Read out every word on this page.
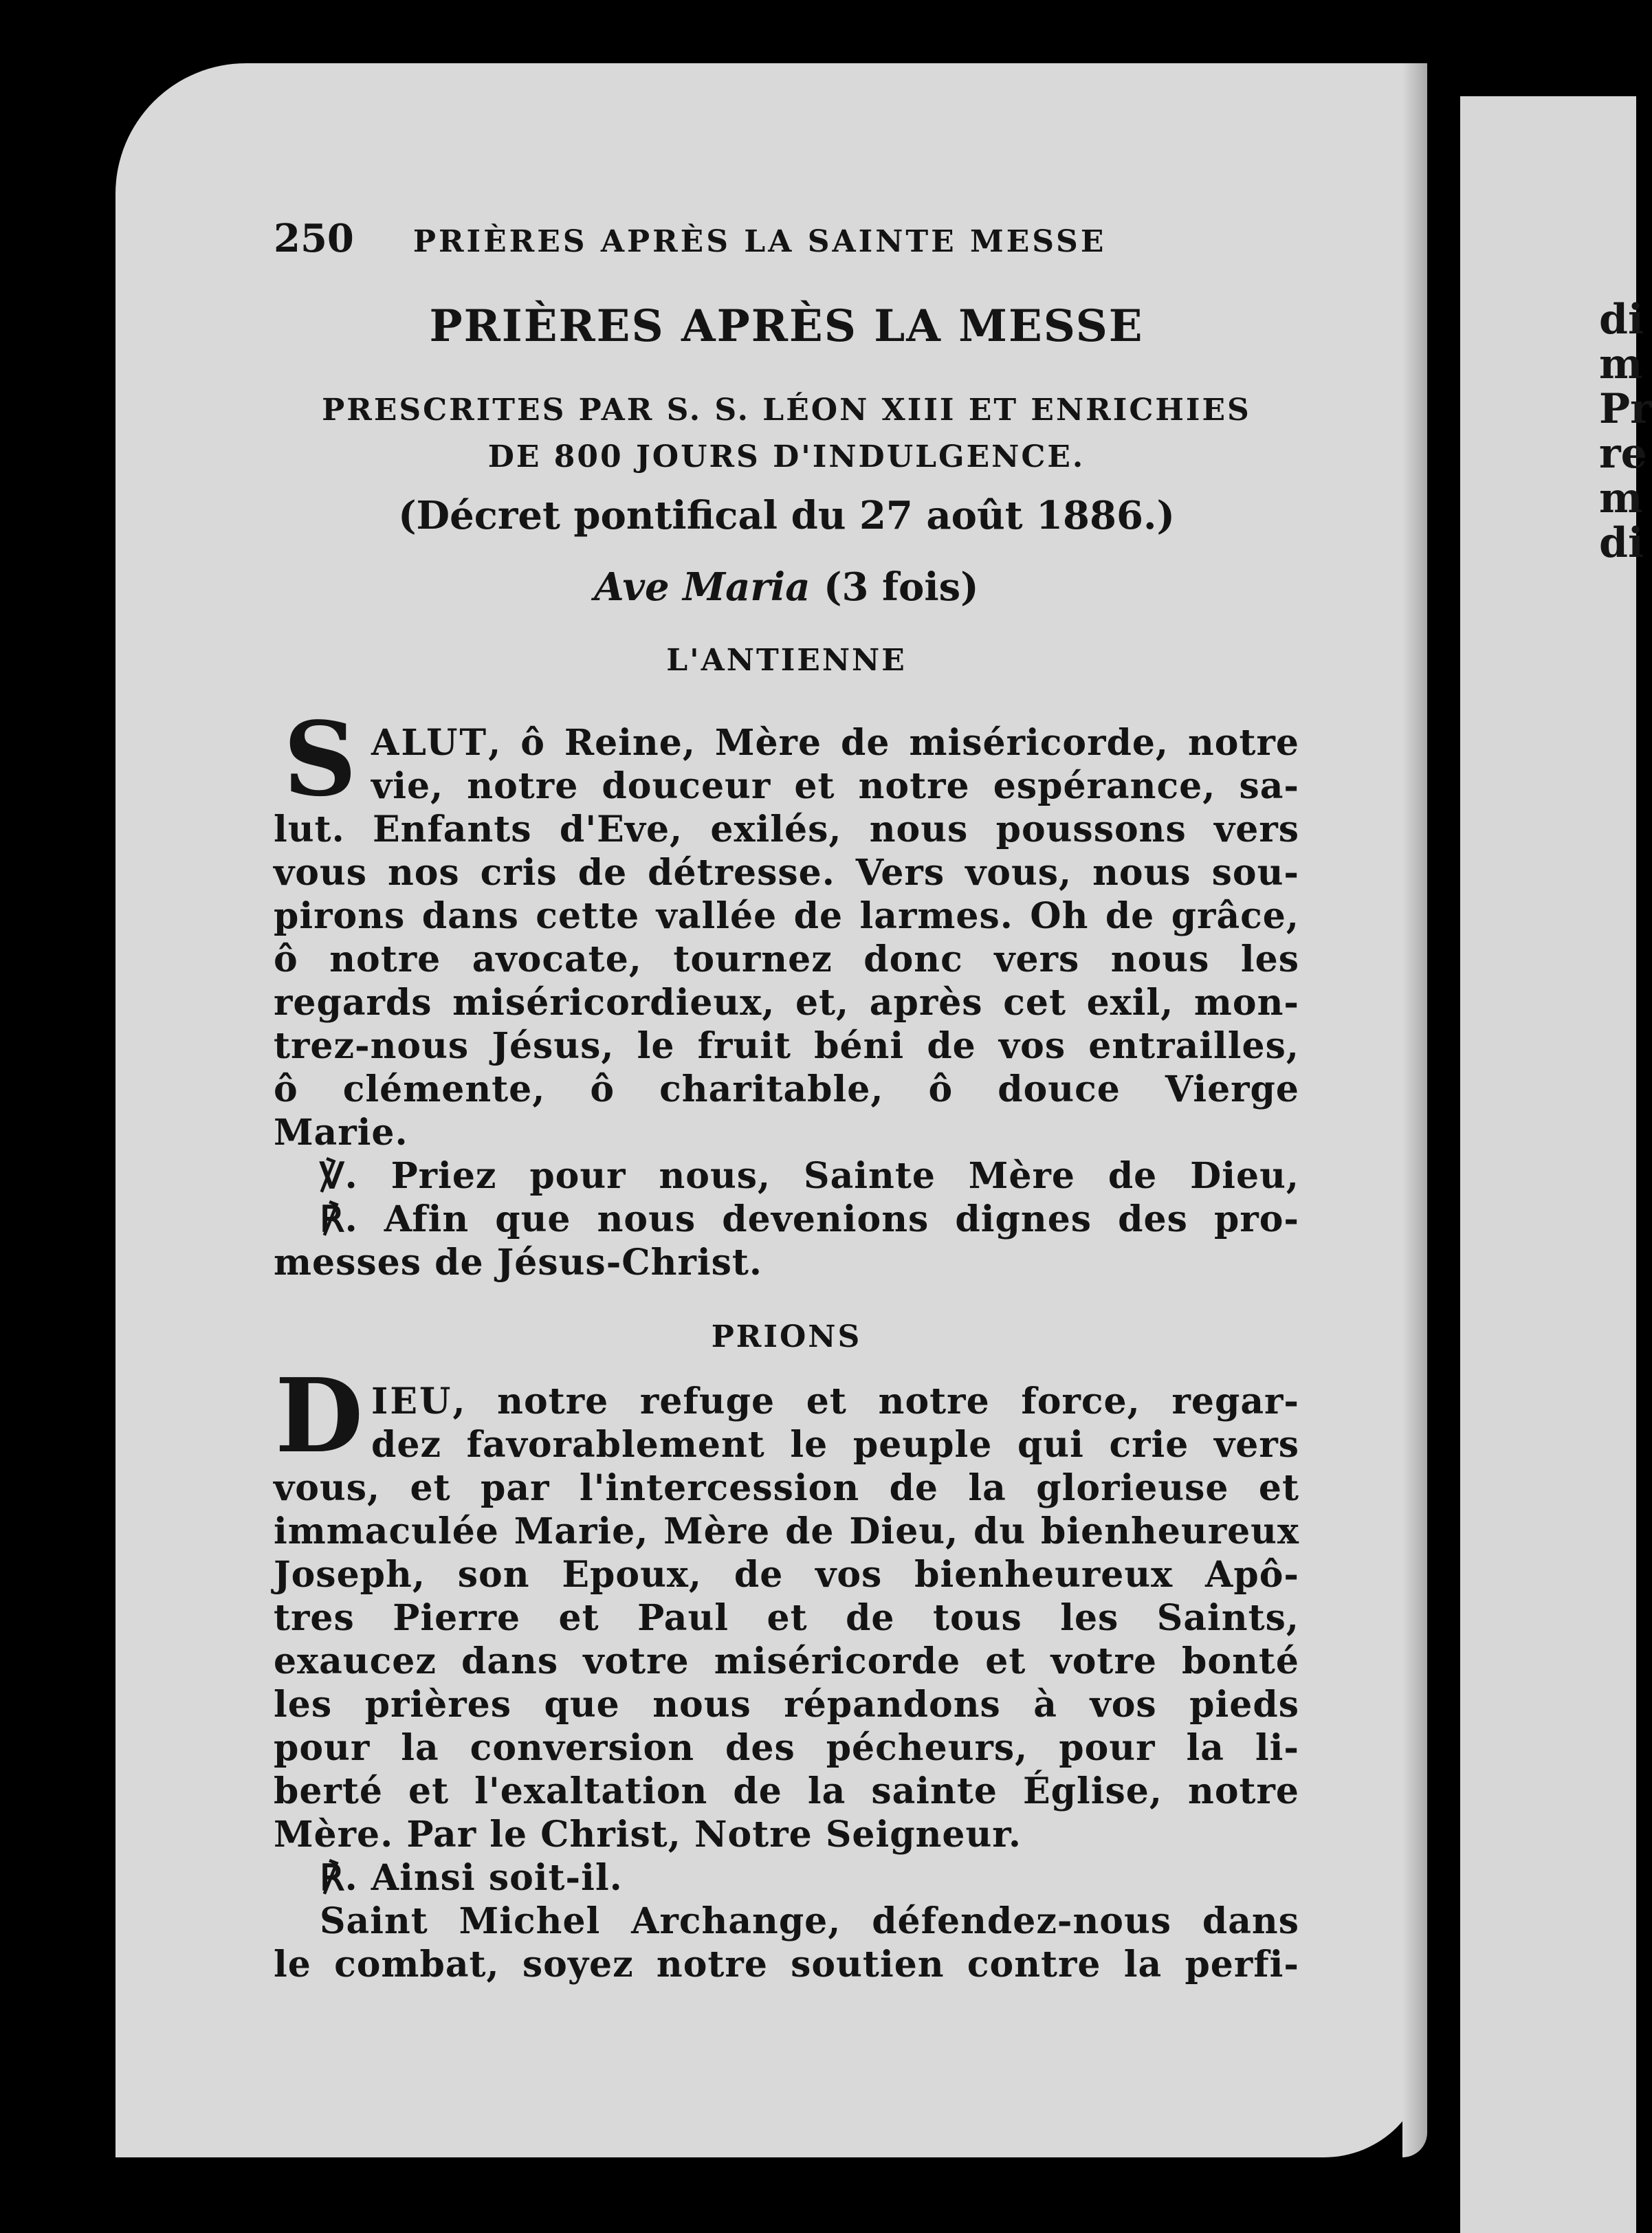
di
m
Pr
re
m
di
250 PRIÈRES APRÈS LA SAINTE MESSE
PRIÈRES APRÈS LA MESSE
PRESCRITES PAR S. S. LÉON XIII ET ENRICHIES
DE 800 JOURS D'INDULGENCE.
(Décret pontifical du 27 août 1886.)
Ave Maria (3 fois)
L'ANTIENNE
S ALUT, ô Reine, Mère de miséricorde, notre
vie, notre douceur et notre espérance, sa-
lut. Enfants d'Eve, exilés, nous poussons vers
vous nos cris de détresse. Vers vous, nous sou-
pirons dans cette vallée de larmes. Oh de grâce,
ô notre avocate, tournez donc vers nous les
regards miséricordieux, et, après cet exil, mon-
trez-nous Jésus, le fruit béni de vos entrailles,
ô clémente, ô charitable, ô douce Vierge
Marie.
℣. Priez pour nous, Sainte Mère de Dieu,
℟. Afin que nous devenions dignes des pro-
messes de Jésus-Christ.
PRIONS
D IEU, notre refuge et notre force, regar-
dez favorablement le peuple qui crie vers
vous, et par l'intercession de la glorieuse et
immaculée Marie, Mère de Dieu, du bienheureux
Joseph, son Epoux, de vos bienheureux Apô-
tres Pierre et Paul et de tous les Saints,
exaucez dans votre miséricorde et votre bonté
les prières que nous répandons à vos pieds
pour la conversion des pécheurs, pour la li-
berté et l'exaltation de la sainte Église, notre
Mère. Par le Christ, Notre Seigneur.
℟. Ainsi soit-il.
Saint Michel Archange, défendez-nous dans
le combat, soyez notre soutien contre la perfi-
